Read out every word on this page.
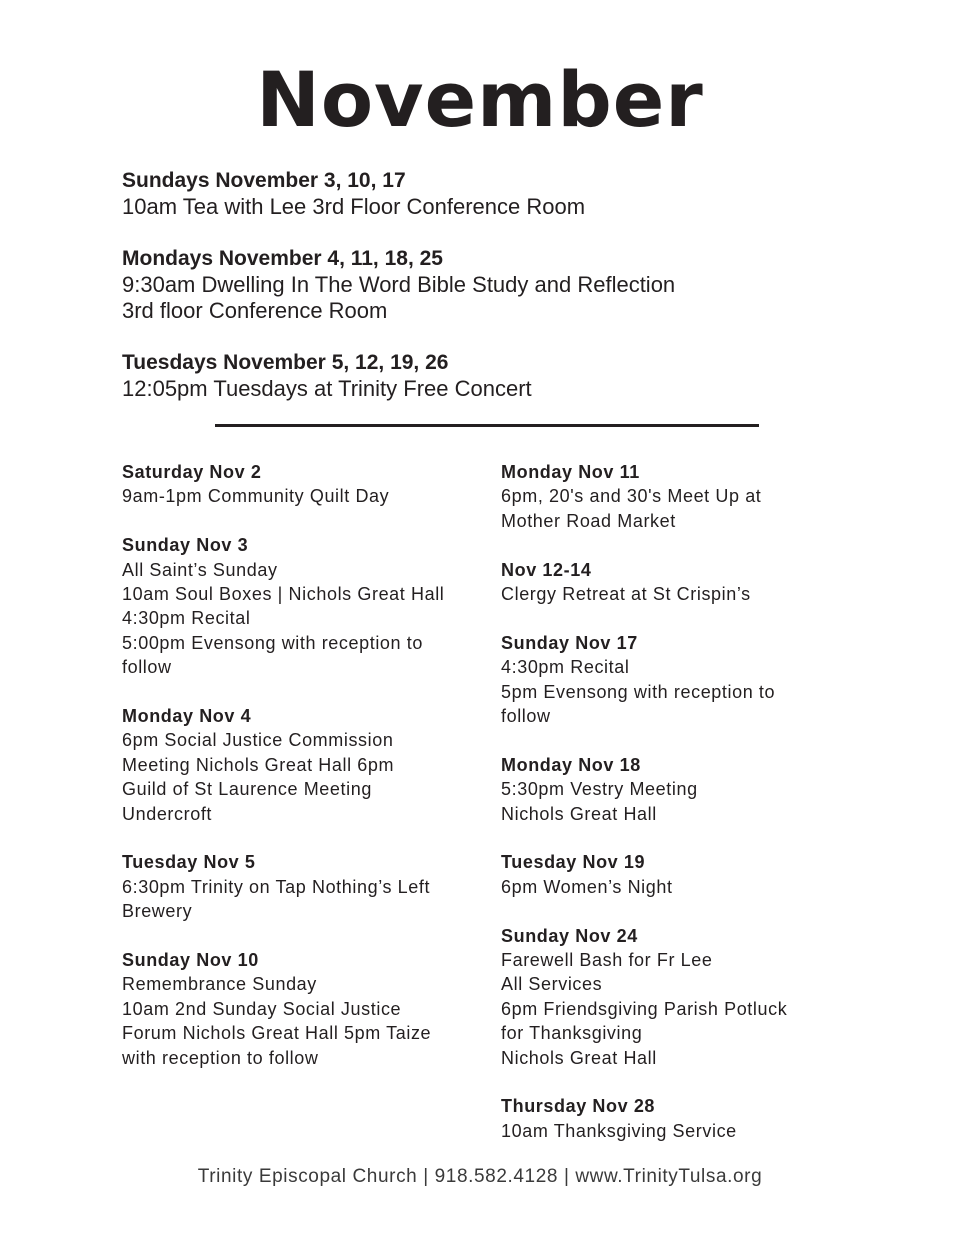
November
Sundays November 3, 10, 17
10am Tea with Lee 3rd Floor Conference Room
Mondays November 4, 11, 18, 25
9:30am Dwelling In The Word Bible Study and Reflection
3rd floor Conference Room
Tuesdays November 5, 12, 19, 26
12:05pm Tuesdays at Trinity Free Concert
Saturday Nov 2
9am-1pm Community Quilt Day
Sunday Nov 3
All Saint’s Sunday
10am Soul Boxes | Nichols Great Hall
4:30pm Recital
5:00pm Evensong with reception to
follow
Monday Nov 4
6pm Social Justice Commission
Meeting Nichols Great Hall 6pm
Guild of St Laurence Meeting
Undercroft
Tuesday Nov 5
6:30pm Trinity on Tap Nothing’s Left
Brewery
Sunday Nov 10
Remembrance Sunday
10am 2nd Sunday Social Justice
Forum Nichols Great Hall 5pm Taize
with reception to follow
Monday Nov 11
6pm, 20's and 30's Meet Up at
Mother Road Market
Nov 12-14
Clergy Retreat at St Crispin’s
Sunday Nov 17
4:30pm Recital
5pm Evensong with reception to
follow
Monday Nov 18
5:30pm Vestry Meeting
Nichols Great Hall
Tuesday Nov 19
6pm Women’s Night
Sunday Nov 24
Farewell Bash for Fr Lee
All Services
6pm Friendsgiving Parish Potluck
for Thanksgiving
Nichols Great Hall
Thursday Nov 28
10am Thanksgiving Service
Trinity Episcopal Church | 918.582.4128 | www.TrinityTulsa.org
